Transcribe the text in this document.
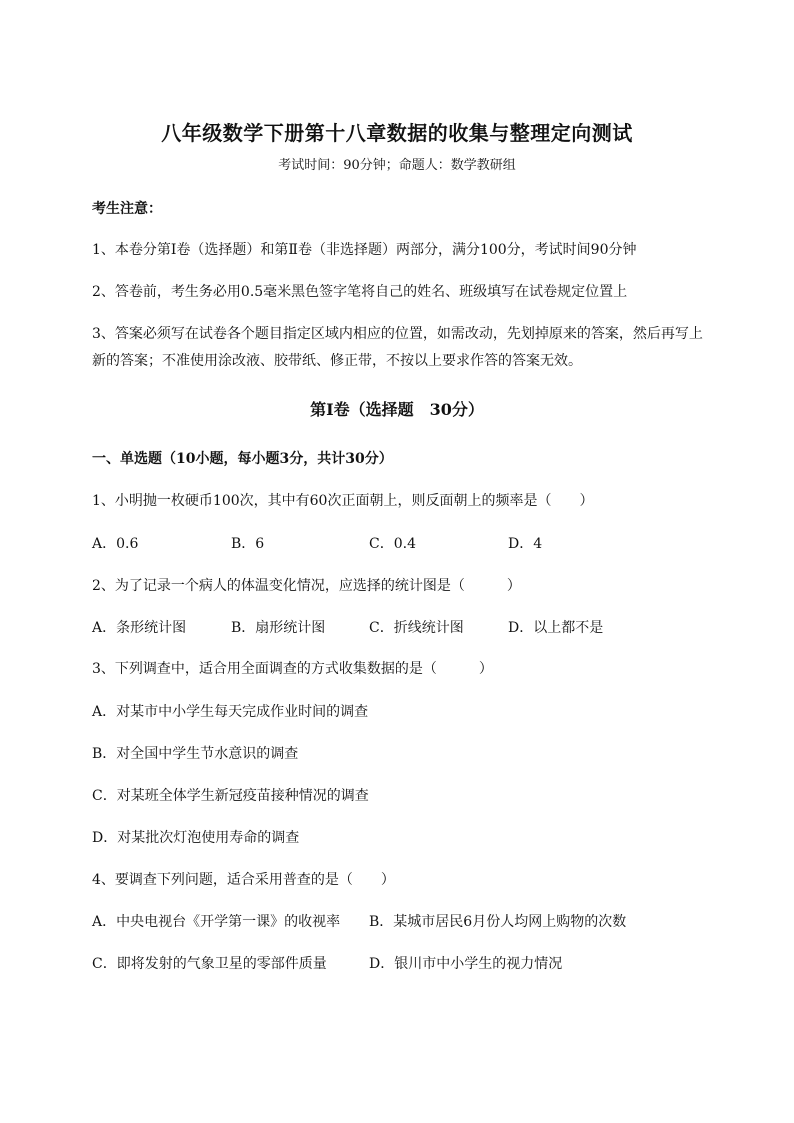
八年级数学下册第十八章数据的收集与整理定向测试
考试时间：90分钟；命题人：数学教研组
考生注意：
1、本卷分第I卷（选择题）和第Ⅱ卷（非选择题）两部分，满分100分，考试时间90分钟
2、答卷前，考生务必用0.5毫米黑色签字笔将自己的姓名、班级填写在试卷规定位置上
3、答案必须写在试卷各个题目指定区域内相应的位置，如需改动，先划掉原来的答案，然后再写上新的答案；不准使用涂改液、胶带纸、修正带，不按以上要求作答的答案无效。
第I卷（选择题　30分）
一、单选题（10小题，每小题3分，共计30分）
1、小明抛一枚硬币100次，其中有60次正面朝上，则反面朝上的频率是（　　）
A．0.6	B．6	C．0.4	D．4
2、为了记录一个病人的体温变化情况，应选择的统计图是（　　　）
A．条形统计图	B．扇形统计图	C．折线统计图	D．以上都不是
3、下列调查中，适合用全面调查的方式收集数据的是（　　　）
A．对某市中小学生每天完成作业时间的调查
B．对全国中学生节水意识的调查
C．对某班全体学生新冠疫苗接种情况的调查
D．对某批次灯泡使用寿命的调查
4、要调查下列问题，适合采用普查的是（　　）
A．中央电视台《开学第一课》的收视率 B．某城市居民6月份人均网上购物的次数
C．即将发射的气象卫星的零部件质量	D．银川市中小学生的视力情况
